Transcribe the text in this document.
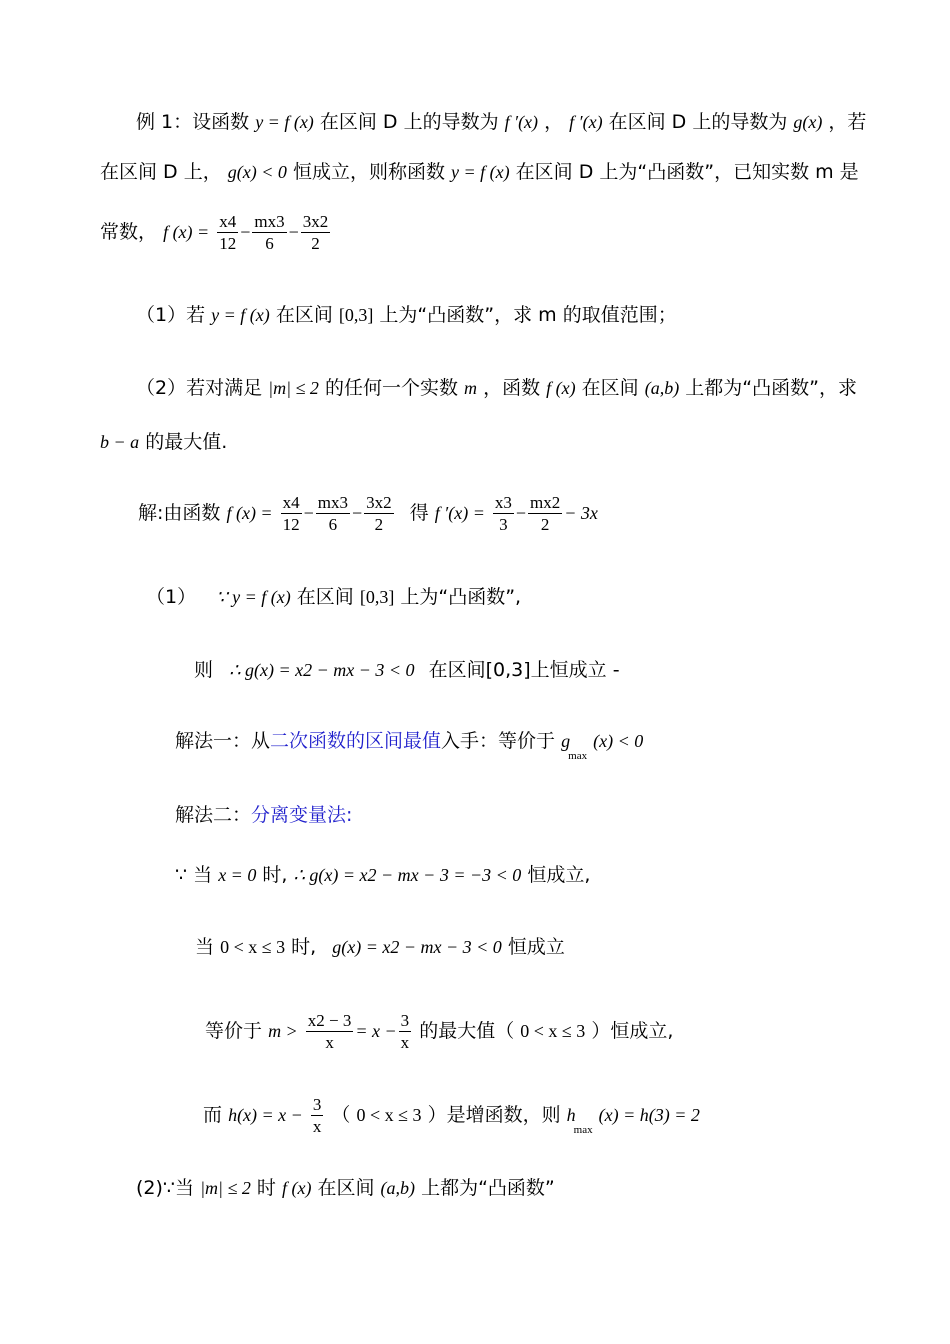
例 1：设函数 y = f (x) 在区间 D 上的导数为 f ′(x) ， f ′(x) 在区间 D 上的导数为 g(x) ，若
在区间 D 上， g(x) < 0 恒成立，则称函数 y = f (x) 在区间 D 上为“凸函数”，已知实数 m 是
常数， f $(x) = \frac{x4}{12} - \frac{mx3}{6} - \frac{3x2}{2}$
（1）若 y = f (x) 在区间 [0,3] 上为“凸函数”，求 m 的取值范围；
（2）若对满足 |m| ≤ 2 的任何一个实数 m ，函数 f (x) 在区间 (a,b) 上都为“凸函数”，求
b − a 的最大值.
解:由函数 f $(x) = \frac{x4}{12} - \frac{mx3}{6} - \frac{3x2}{2}$ 得 f $'(x) = \frac{x3}{3} - \frac{mx2}{2} - 3x$
（1） ∵ y = f (x) 在区间 [0,3] 上为“凸函数”,
则 ∴ g(x) = x2 − mx − 3 < 0 在区间[0,3]上恒成立 -
解法一：从二次函数的区间最值入手：等价于 g $_{max}$ (x) < 0
解法二：分离变量法:
∵ 当 x = 0 时, ∴ g(x) = x2 − mx − 3 = −3 < 0 恒成立,
当 0 < x ≤ 3 时, g(x) = x2 − mx − 3 < 0 恒成立
等价于 $m > \frac{x2 - 3}{x} = x - \frac{3}{x}$ 的最大值（ 0 < x ≤ 3 ）恒成立,
而 $h(x) = x - \frac{3}{x}$ （ 0 < x ≤ 3 ）是增函数，则 h $_{max}$ (x) = h(3) = 2
(2)∵当 |m| ≤ 2 时 f (x) 在区间 (a,b) 上都为“凸函数”
